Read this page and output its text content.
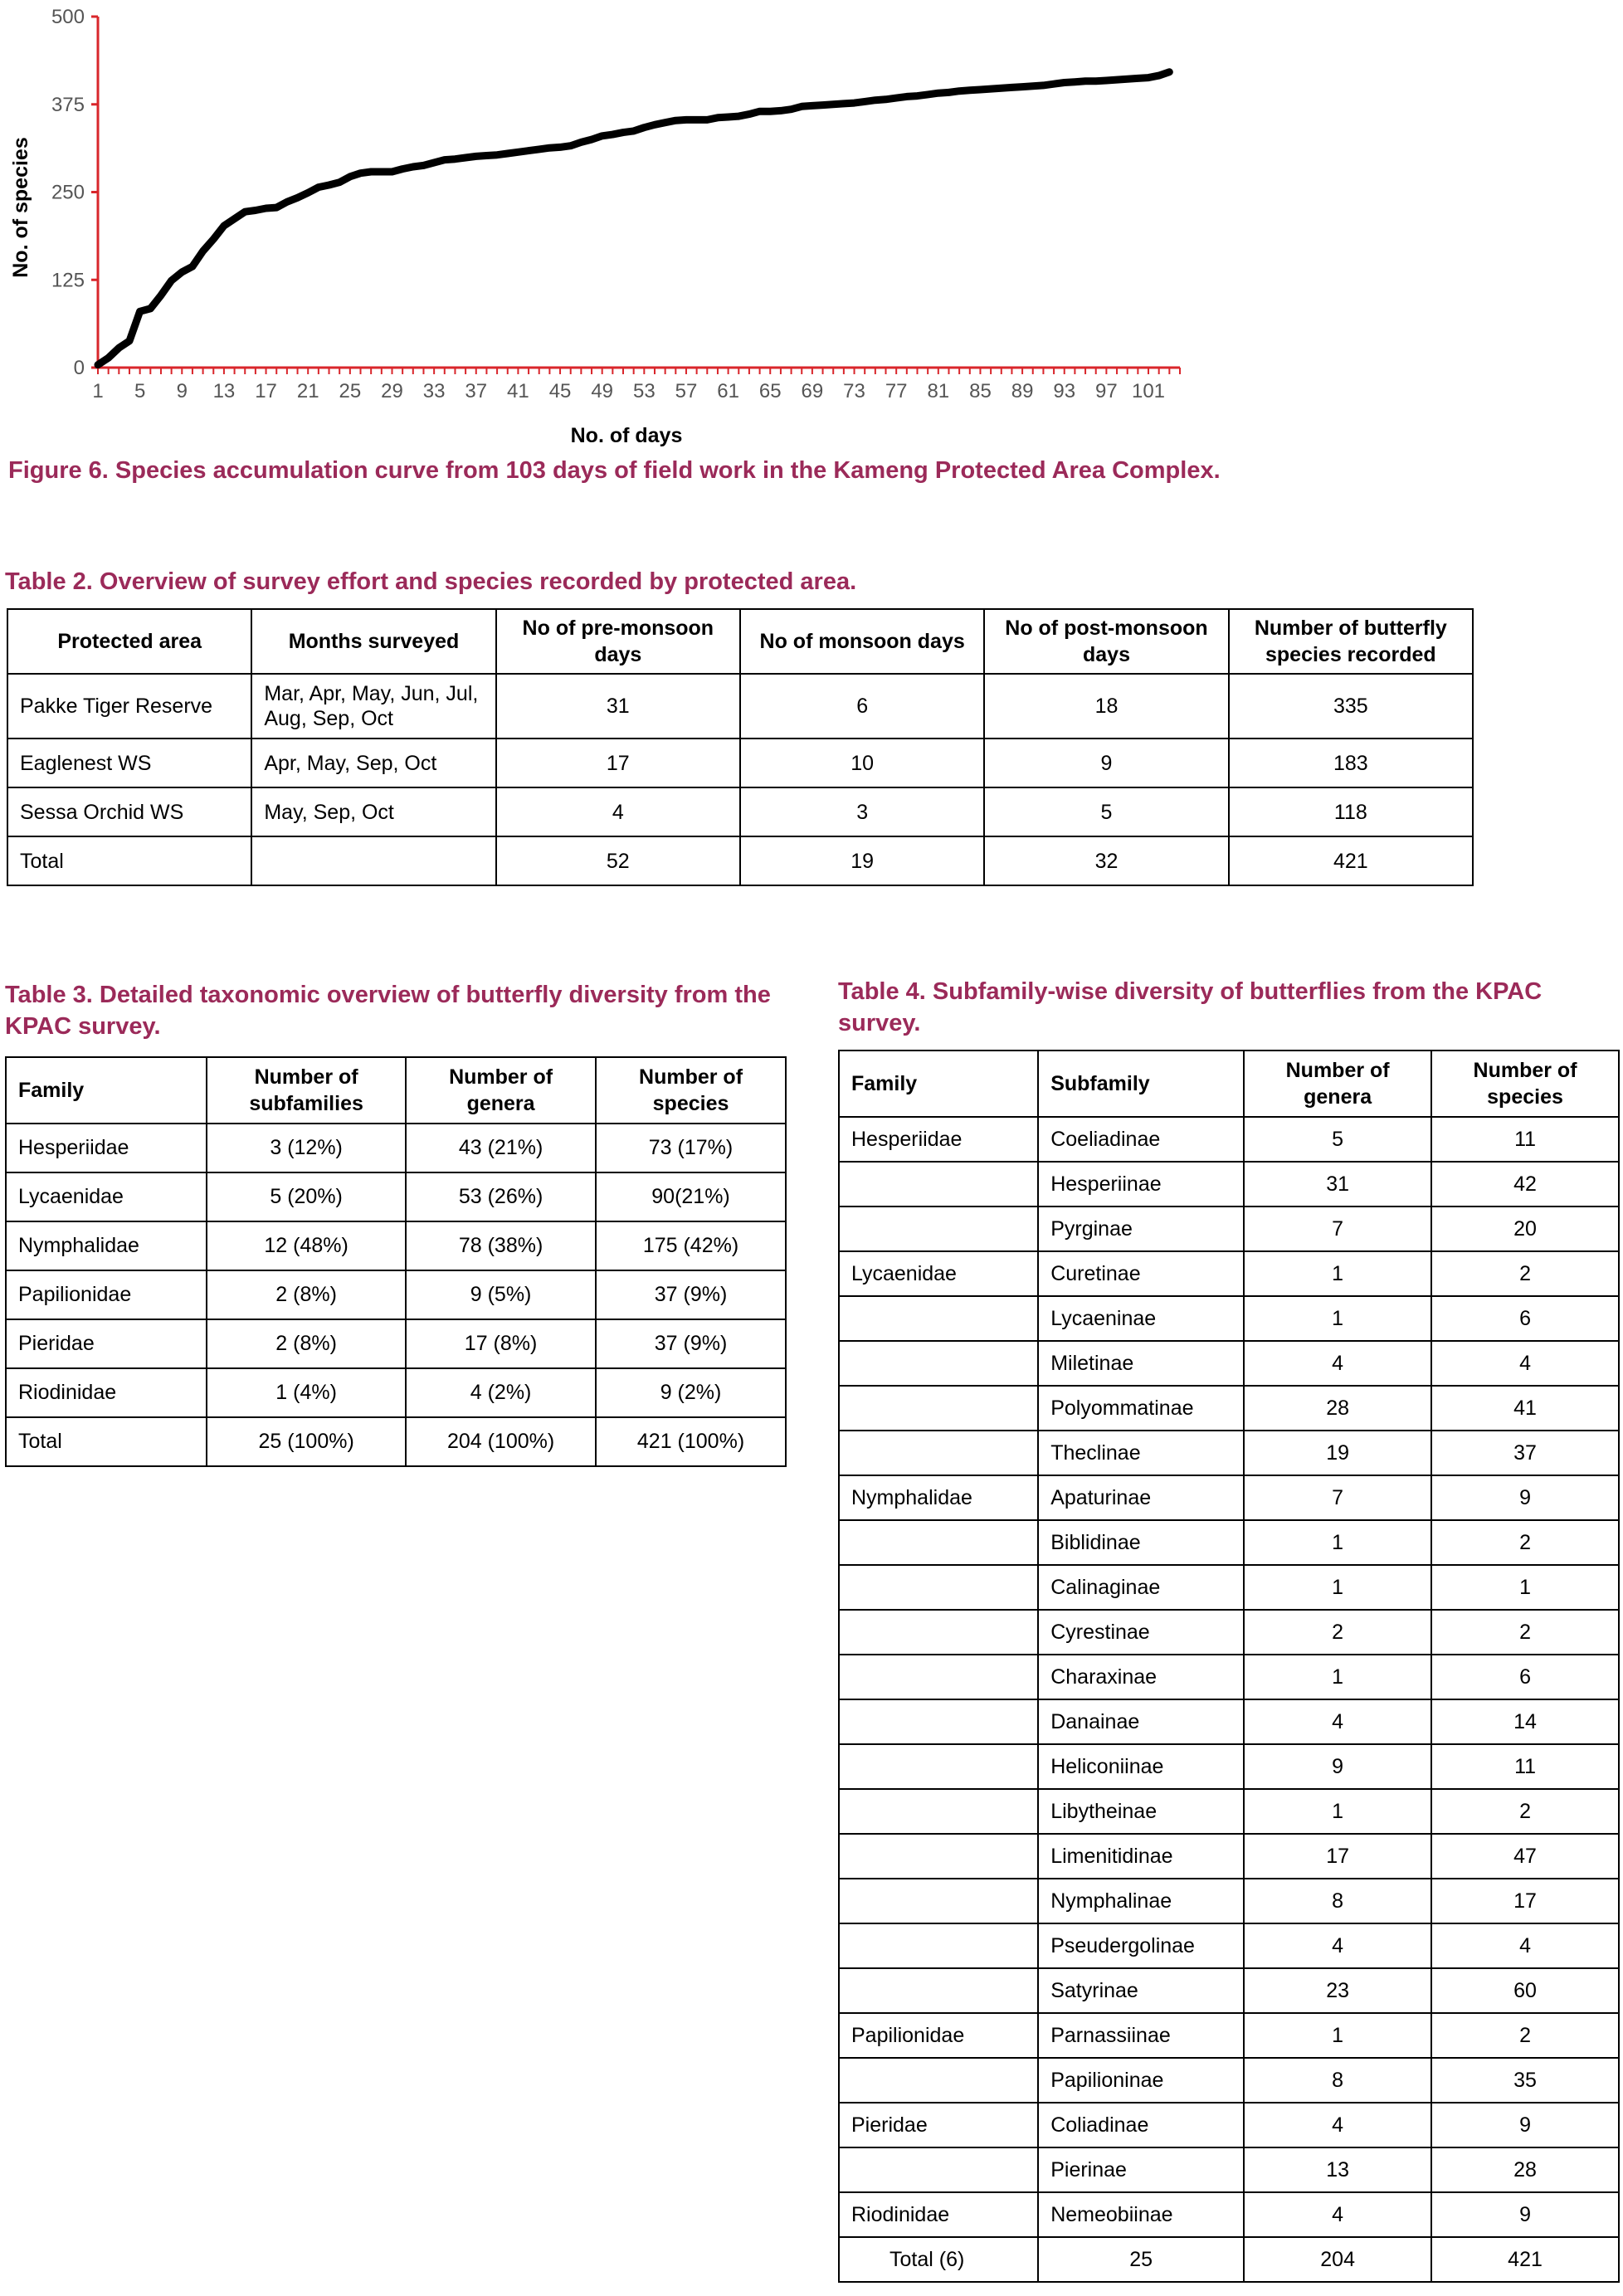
0
125
250
375
500
1 5 9 13 17 21 25 29 33 37 41 45 49 53 57 61 65 69 73 77 81 85 89 93 97 101
No. of days
No. of species
Figure 6. Species accumulation curve from 103 days of field work in the Kameng Protected Area Complex.
Table 2. Overview of survey effort and species recorded by protected area.
Protected area	Months surveyed	No of pre-monsoon days	No of monsoon days	No of post-monsoon days	Number of butterfly species recorded
Pakke Tiger Reserve	Mar, Apr, May, Jun, Jul, Aug, Sep, Oct	31	6	18	335
Eaglenest WS	Apr, May, Sep, Oct	17	10	9	183
Sessa Orchid WS	May, Sep, Oct	4	3	5	118
Total		52	19	32	421
Table 3. Detailed taxonomic overview of butterfly diversity from the KPAC survey.
Family	Number of subfamilies	Number of genera	Number of species
Hesperiidae	3 (12%)	43 (21%)	73 (17%)
Lycaenidae	5 (20%)	53 (26%)	90(21%)
Nymphalidae	12 (48%)	78 (38%)	175 (42%)
Papilionidae	2 (8%)	9 (5%)	37 (9%)
Pieridae	2 (8%)	17 (8%)	37 (9%)
Riodinidae	1 (4%)	4 (2%)	9 (2%)
Total	25 (100%)	204 (100%)	421 (100%)
Table 4. Subfamily-wise diversity of butterflies from the KPAC survey.
Family	Subfamily	Number of genera	Number of species
Hesperiidae	Coeliadinae	5	11
	Hesperiinae	31	42
	Pyrginae	7	20
Lycaenidae	Curetinae	1	2
	Lycaeninae	1	6
	Miletinae	4	4
	Polyommatinae	28	41
	Theclinae	19	37
Nymphalidae	Apaturinae	7	9
	Biblidinae	1	2
	Calinaginae	1	1
	Cyrestinae	2	2
	Charaxinae	1	6
	Danainae	4	14
	Heliconiinae	9	11
	Libytheinae	1	2
	Limenitidinae	17	47
	Nymphalinae	8	17
	Pseudergolinae	4	4
	Satyrinae	23	60
Papilionidae	Parnassiinae	1	2
	Papilioninae	8	35
Pieridae	Coliadinae	4	9
	Pierinae	13	28
Riodinidae	Nemeobiinae	4	9
Total (6)	25	204	421
